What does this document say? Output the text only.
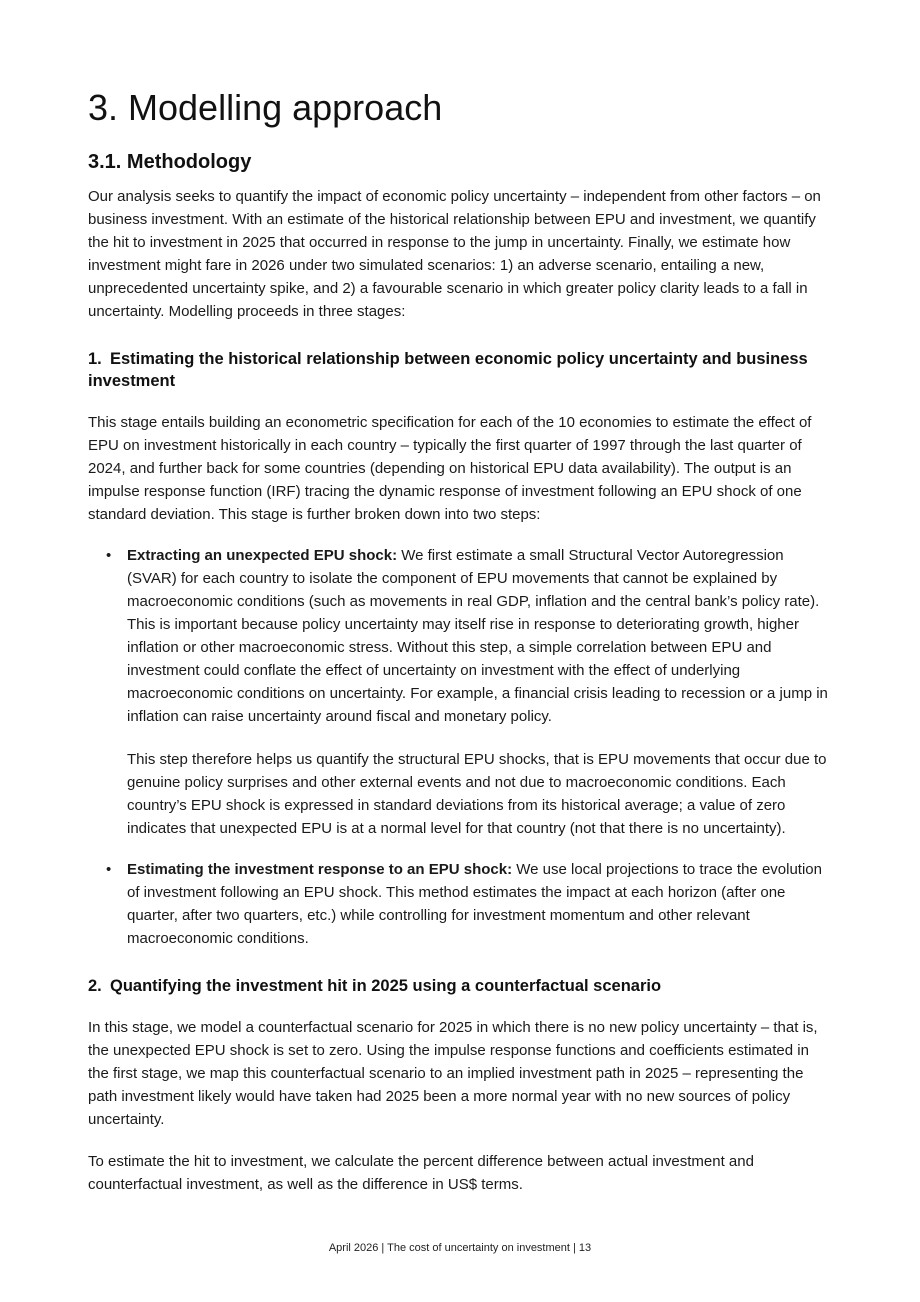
3. Modelling approach
3.1. Methodology

Our analysis seeks to quantify the impact of economic policy uncertainty – independent from other factors – on business investment. With an estimate of the historical relationship between EPU and investment, we quantify the hit to investment in 2025 that occurred in response to the jump in uncertainty. Finally, we estimate how investment might fare in 2026 under two simulated scenarios: 1) an adverse scenario, entailing a new, unprecedented uncertainty spike, and 2) a favourable scenario in which greater policy clarity leads to a fall in uncertainty. Modelling proceeds in three stages:

1. Estimating the historical relationship between economic policy uncertainty and business investment

This stage entails building an econometric specification for each of the 10 economies to estimate the effect of EPU on investment historically in each country – typically the first quarter of 1997 through the last quarter of 2024, and further back for some countries (depending on historical EPU data availability). The output is an impulse response function (IRF) tracing the dynamic response of investment following an EPU shock of one standard deviation. This stage is further broken down into two steps:

• Extracting an unexpected EPU shock: We first estimate a small Structural Vector Autoregression (SVAR) for each country to isolate the component of EPU movements that cannot be explained by macroeconomic conditions (such as movements in real GDP, inflation and the central bank’s policy rate). This is important because policy uncertainty may itself rise in response to deteriorating growth, higher inflation or other macroeconomic stress. Without this step, a simple correlation between EPU and investment could conflate the effect of uncertainty on investment with the effect of underlying macroeconomic conditions on uncertainty. For example, a financial crisis leading to recession or a jump in inflation can raise uncertainty around fiscal and monetary policy.

This step therefore helps us quantify the structural EPU shocks, that is EPU movements that occur due to genuine policy surprises and other external events and not due to macroeconomic conditions. Each country’s EPU shock is expressed in standard deviations from its historical average; a value of zero indicates that unexpected EPU is at a normal level for that country (not that there is no uncertainty).

• Estimating the investment response to an EPU shock: We use local projections to trace the evolution of investment following an EPU shock. This method estimates the impact at each horizon (after one quarter, after two quarters, etc.) while controlling for investment momentum and other relevant macroeconomic conditions.
2. Quantifying the investment hit in 2025 using a counterfactual scenario

In this stage, we model a counterfactual scenario for 2025 in which there is no new policy uncertainty – that is, the unexpected EPU shock is set to zero. Using the impulse response functions and coefficients estimated in the first stage, we map this counterfactual scenario to an implied investment path in 2025 – representing the path investment likely would have taken had 2025 been a more normal year with no new sources of policy uncertainty.

To estimate the hit to investment, we calculate the percent difference between actual investment and counterfactual investment, as well as the difference in US$ terms.

April 2026 | The cost of uncertainty on investment | 13
